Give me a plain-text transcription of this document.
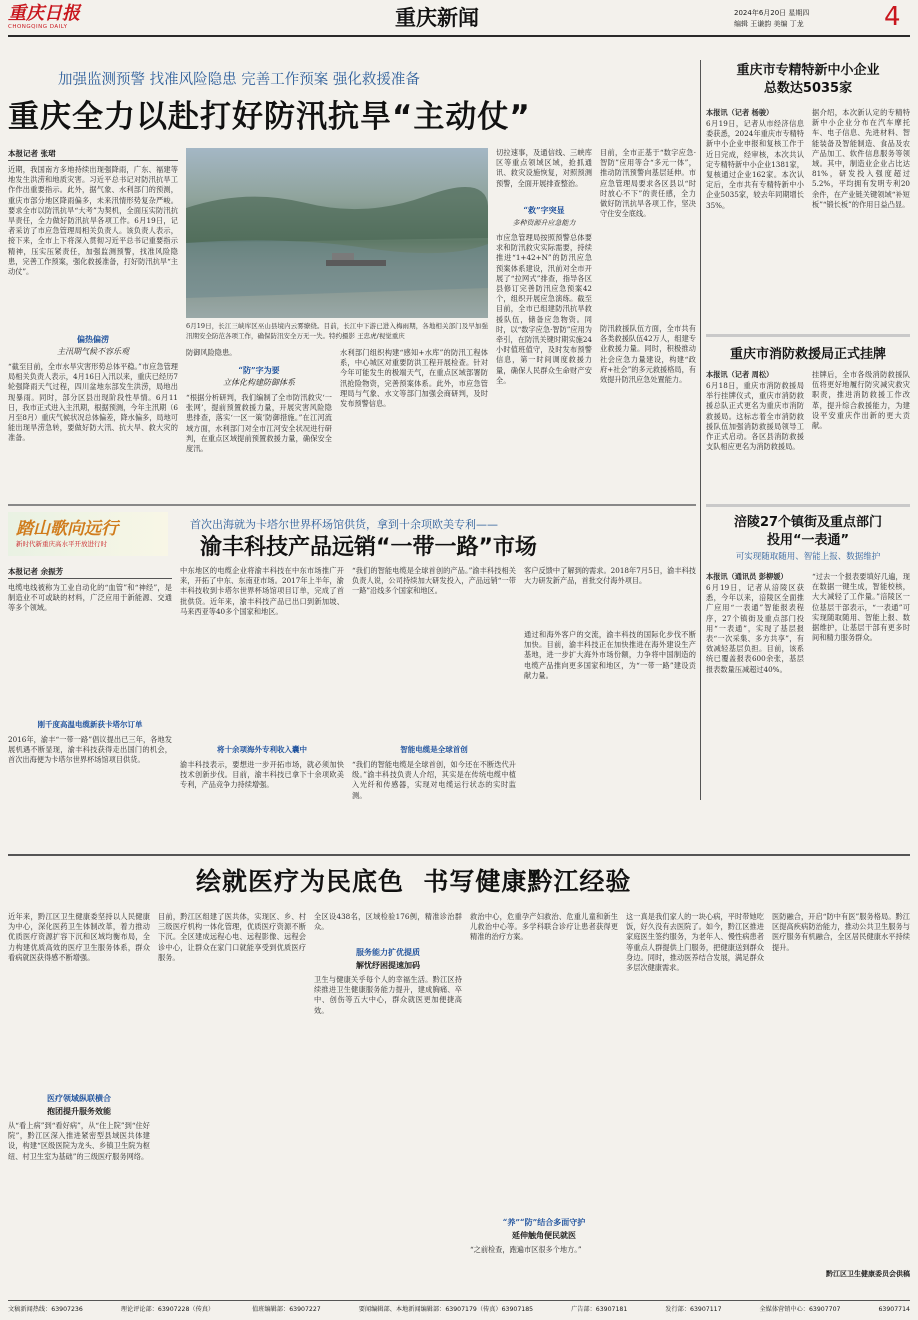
重庆日报
CHONGQING DAILY	重庆新闻	2024年6月20日 星期四
编辑 王谦韵 美编 丁龙	4
加强监测预警 找准风险隐患 完善工作预案 强化救援准备
重庆全力以赴打好防汛抗旱“主动仗”
本报记者 张珺
近期，我国南方多地持续出现强降雨，广东、福建等地发生洪涝和地质灾害。习近平总书记对防汛抗旱工作作出重要指示。此外，据气象、水利部门的预测，重庆市部分地区降雨偏多，未来汛情形势复杂严峻。要求全市以防汛抗旱“大考”为契机，全面压实防汛抗旱责任，全力做好防汛抗旱各项工作。6月19日，记者采访了市应急管理局相关负责人。该负责人表示，接下来，全市上下将深入贯彻习近平总书记重要指示精神，压实压紧责任，加强监测预警，找准风险隐患，完善工作预案，强化救援准备，打好防汛抗旱“主动仗”。
偏热偏涝
主汛期气候不容乐观
“截至目前，全市水旱灾害形势总体平稳。”市应急管理局相关负责人表示，4月16日入汛以来，重庆已经历7轮强降雨天气过程，四川盆地东部发生洪涝，局地出现暴雨。同时，部分区县出现阶段性旱情。6月11日，我市正式进入主汛期，根据预测，今年主汛期（6月至8月）重庆气候状况总体偏差，降水偏多，局地可能出现旱涝急转，要做好防大汛、抗大旱、救大灾的准备。
6月19日，长江三峡库区巫山县境内云雾缭绕。目前，长江中下游已进入梅雨期，各地相关部门及早加强汛期安全防范各项工作，确保防汛安全万无一失。特约摄影 王忠虎/视觉重庆
防御风险隐患。
“防”字为要
立体化构建防御体系
“根据分析研判，我们编制了全市防汛救灾‘一张网’，提前预置救援力量，开展灾害风险隐患排查，落实‘一区一策’防御措施。”在江河流域方面，水利部门对全市江河安全状况进行研判，在重点区域提前预置救援力量，确保安全度汛。
水利部门组织构建“感知+水库”的防汛工程体系，中心城区对重要防洪工程开展检查。针对今年可能发生的极端天气，在重点区域部署防汛抢险物资，完善预案体系。此外，市应急管理局与气象、水文等部门加强会商研判，及时发布预警信息。
切拉速事，及通信线、三峡库区等重点领域区域，抢抓通讯、救灾设施恢复，对照预测预警，全面开展排查整治。
“救”字突显
多种资源升应急能力
市应急管理局按照预警总体要求和防汛救灾实际需要，持续推进“1+42+N”的防汛应急预案体系建设，汛前对全市开展了“拉网式”排查，指导各区县修订完善防汛应急预案42个，组织开展应急演练。截至目前，全市已组建防汛抗旱救援队伍，储备应急物资。同时，以“数字应急·智防”应用为牵引，在防汛关键时期实施24小时值班值守，及时发布预警信息，第一时间调度救援力量，确保人民群众生命财产安全。
目前，全市正基于“数字应急·智防”应用等合“多元一体”，推动防汛预警向基层延伸。市应急管理局要求各区县以“时时放心不下”的责任感，全力做好防汛抗旱各项工作，坚决守住安全底线。
防汛救援队伍方面，全市共有各类救援队伍42万人，组建专业救援力量。同时，积极推动社会应急力量建设，构建“政府+社会”的多元救援格局，有效提升防汛应急处置能力。
重庆市专精特新中小企业
总数达5035家
本报讯（记者 杨骏）
6月19日，记者从市经济信息委获悉，2024年重庆市专精特新中小企业申报和复核工作于近日完成，经审核，本次共认定专精特新中小企业1381家，复核通过企业162家。本次认定后，全市共有专精特新中小企业5035家，较去年同期增长35%。
据介绍，本次新认定的专精特新中小企业分布在汽车摩托车、电子信息、先进材料、智能装备及智能制造、食品及农产品加工、软件信息服务等领域。其中，制造业企业占比达81%，研发投入强度超过5.2%，平均拥有发明专利20余件，在产业链关键领域“补短板”“锻长板”的作用日益凸显。
重庆市消防救援局正式挂牌
本报讯（记者 周松）
6月18日，重庆市消防救援局举行挂牌仪式，重庆市消防救援总队正式更名为重庆市消防救援局。这标志着全市消防救援队伍加强消防救援局领导工作正式启动。各区县消防救援支队相应更名为消防救援局。
挂牌后，全市各级消防救援队伍将更好地履行防灾减灾救灾职责，推进消防救援工作改革，提升综合救援能力，为建设平安重庆作出新的更大贡献。
涪陵27个镇街及重点部门
投用“一表通”
可实现随取随用、智能上报、数据维护
本报讯（通讯员 彭柳媛）
6月19日，记者从涪陵区获悉，今年以来，涪陵区全面推广应用“一表通”智能报表程序，27个镇街及重点部门投用“一表通”，实现了基层报表“一次采集、多方共享”，有效减轻基层负担。目前，该系统已覆盖报表600余张，基层报表数量压减超过40%。
“过去一个报表要填好几遍，现在数据一键生成，智能校核，大大减轻了工作量。”涪陵区一位基层干部表示，“一表通”可实现随取随用、智能上报、数据维护，让基层干部有更多时间和精力服务群众。
踏山歌向远行
新时代新重庆高水平开放进行时
首次出海就为卡塔尔世界杯场馆供货，拿到十余项欧美专利——
渝丰科技产品远销“一带一路”市场
本报记者 余振芳
电缆电线被称为工业自动化的“血管”和“神经”，是制造业不可或缺的材料，广泛应用于新能源、交通等多个领域。
刚千度高温电缆新获卡塔尔订单
2016年，渝丰“一带一路”倡议提出已三年，各地发展机遇不断显现，渝丰科技获得走出国门的机会，首次出海便为卡塔尔世界杯场馆项目供货。
中东地区的电缆企业将渝丰科技在中东市场推广开来，开拓了中东、东南亚市场。2017年上半年，渝丰科技收到卡塔尔世界杯场馆项目订单，完成了首批供货。近年来，渝丰科技产品已出口到新加坡、马来西亚等40多个国家和地区。
将十余项海外专利收入囊中
渝丰科技表示，要想进一步开拓市场，就必须加快技术创新步伐。目前，渝丰科技已拿下十余项欧美专利，产品竞争力持续增强。
“我们的智能电缆是全球首创的产品。”渝丰科技相关负责人说，公司持续加大研发投入，产品远销“一带一路”沿线多个国家和地区。
智能电缆是全球首创
“我们的智能电缆是全球首创，如今还在不断迭代升级。”渝丰科技负责人介绍，其实是在传统电缆中植入光纤和传感器，实现对电缆运行状态的实时监测。
客户反馈中了解到的需求。2018年7月5日，渝丰科技大力研发新产品，首批交付海外项目。
通过和海外客户的交流，渝丰科技的国际化步伐不断加快。目前，渝丰科技正在加快推进在海外建设生产基地，进一步扩大海外市场份额，力争将中国制造的电缆产品推向更多国家和地区，为“一带一路”建设贡献力量。
绘就医疗为民底色  书写健康黔江经验
近年来，黔江区卫生健康委坚持以人民健康为中心，深化医药卫生体制改革，着力推动优质医疗资源扩容下沉和区域均衡布局，全力构建优质高效的医疗卫生服务体系，群众看病就医获得感不断增强。
医疗领域纵联横合
抱团提升服务效能
从“看上病”到“看好病”，从“住上院”到“住好院”，黔江区深入推进紧密型县域医共体建设，构建“区级医院为龙头、乡镇卫生院为枢纽、村卫生室为基础”的三级医疗服务网络。
目前，黔江区组建了医共体，实现区、乡、村三级医疗机构一体化管理，优质医疗资源不断下沉。全区建成远程心电、远程影像、远程会诊中心，让群众在家门口就能享受到优质医疗服务。
全区设438名，区域检验176例，精准诊治群众。
服务能力扩优提质
解忧纾困提速加码
卫生与健康关乎每个人的幸福生活。黔江区持续推进卫生健康服务能力提升，建成胸痛、卒中、创伤等五大中心，群众就医更加便捷高效。
救治中心，危重孕产妇救治、危重儿童和新生儿救治中心等。多学科联合诊疗让患者获得更精准的治疗方案。
“养”“防”结合多面守护
延伸触角便民就医
“之前检查，跑遍市区很多个地方。”
这一真是我们家人的一块心病，平时带她吃饭，好久没有去医院了。如今，黔江区推进家庭医生签约服务，为老年人、慢性病患者等重点人群提供上门服务，把健康送到群众身边。同时，推动医养结合发展，满足群众多层次健康需求。
医防融合，开启“防中有医”服务格局。黔江区提高疾病防治能力，推动公共卫生服务与医疗服务有机融合，全区居民健康水平持续提升。
黔江区卫生健康委员会供稿
文稿新闻热线：63907236	理论评论部：63907228（传真）	值班编辑部：63907227	要闻编辑部、本地新闻编辑部：63907179（传真）63907185	广告部：63907181	发行部：63907117	全媒体营销中心：63907707	63907714
